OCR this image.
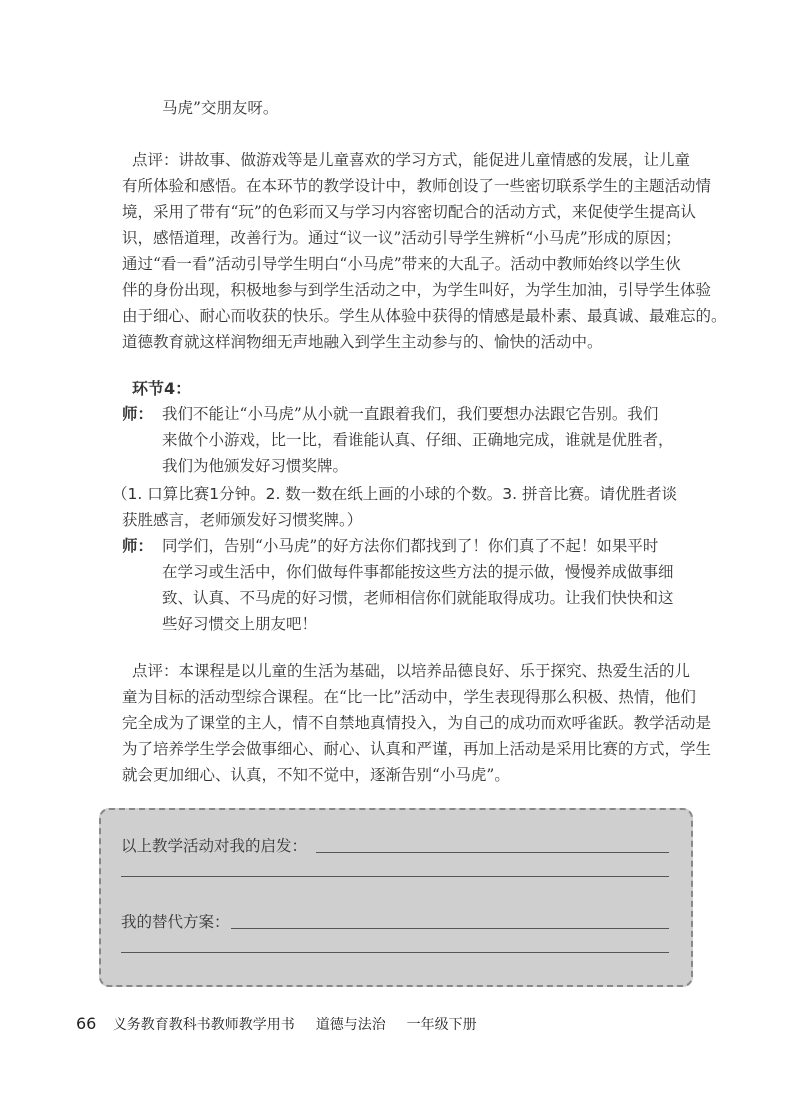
马虎”交朋友呀。
点评：讲故事、做游戏等是儿童喜欢的学习方式，能促进儿童情感的发展，让儿童
有所体验和感悟。在本环节的教学设计中，教师创设了一些密切联系学生的主题活动情
境，采用了带有“玩”的色彩而又与学习内容密切配合的活动方式，来促使学生提高认
识，感悟道理，改善行为。通过“议一议”活动引导学生辨析“小马虎”形成的原因；
通过“看一看”活动引导学生明白“小马虎”带来的大乱子。活动中教师始终以学生伙
伴的身份出现，积极地参与到学生活动之中，为学生叫好，为学生加油，引导学生体验
由于细心、耐心而收获的快乐。学生从体验中获得的情感是最朴素、最真诚、最难忘的。
道德教育就这样润物细无声地融入到学生主动参与的、愉快的活动中。
环节4：
师： 我们不能让“小马虎”从小就一直跟着我们，我们要想办法跟它告别。我们
来做个小游戏，比一比，看谁能认真、仔细、正确地完成，谁就是优胜者，
我们为他颁发好习惯奖牌。
（1. 口算比赛1分钟。2. 数一数在纸上画的小球的个数。3. 拼音比赛。请优胜者谈
获胜感言，老师颁发好习惯奖牌。）
师： 同学们，告别“小马虎”的好方法你们都找到了！你们真了不起！如果平时
在学习或生活中，你们做每件事都能按这些方法的提示做，慢慢养成做事细
致、认真、不马虎的好习惯，老师相信你们就能取得成功。让我们快快和这
些好习惯交上朋友吧！
点评：本课程是以儿童的生活为基础，以培养品德良好、乐于探究、热爱生活的儿
童为目标的活动型综合课程。在“比一比”活动中，学生表现得那么积极、热情，他们
完全成为了课堂的主人，情不自禁地真情投入，为自己的成功而欢呼雀跃。教学活动是
为了培养学生学会做事细心、耐心、认真和严谨，再加上活动是采用比赛的方式，学生
就会更加细心、认真，不知不觉中，逐渐告别“小马虎”。
以上教学活动对我的启发：
我的替代方案：
66 义务教育教科书教师教学用书 道德与法治 一年级下册
